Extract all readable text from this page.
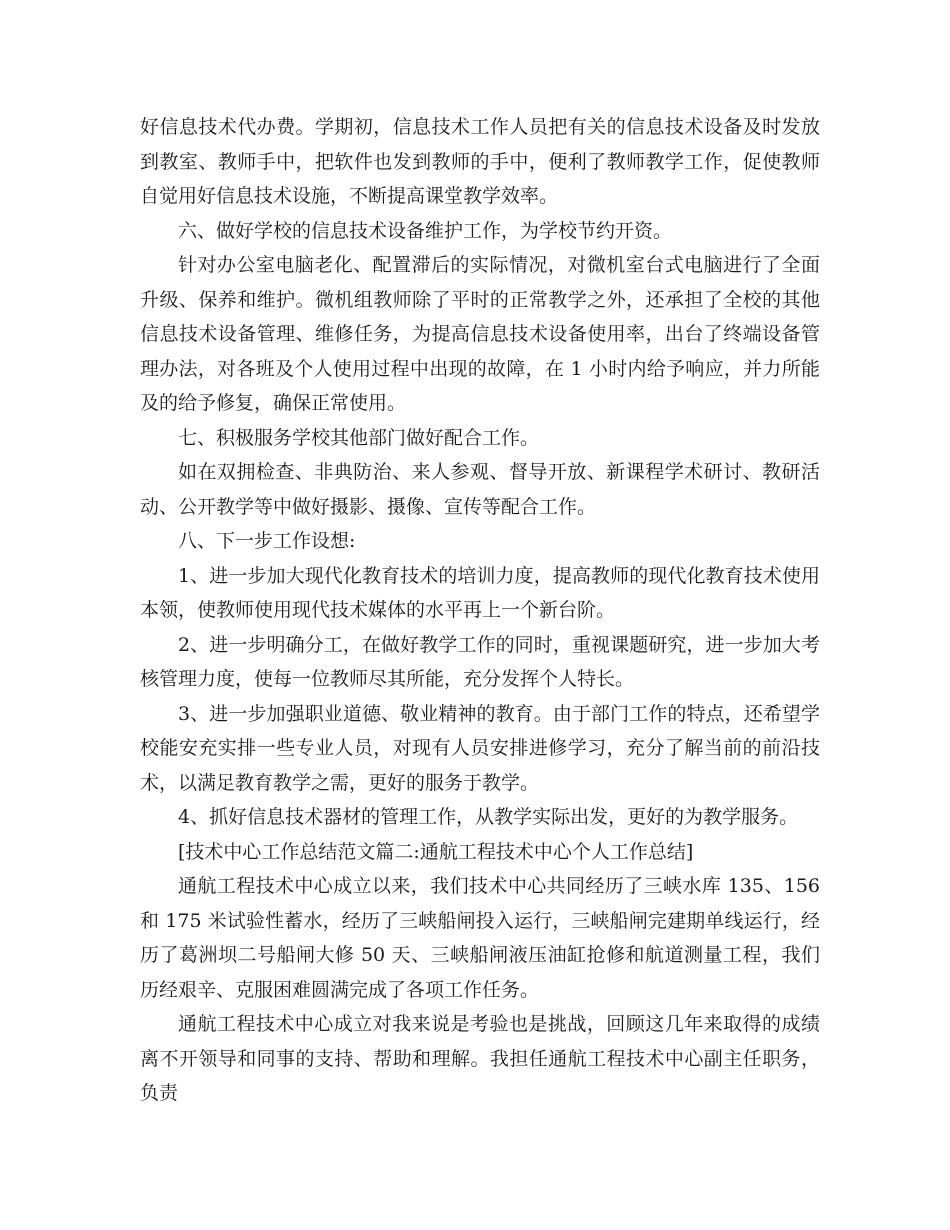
好信息技术代办费。学期初，信息技术工作人员把有关的信息技术设备及时发放到教室、教师手中，把软件也发到教师的手中，便利了教师教学工作，促使教师自觉用好信息技术设施，不断提高课堂教学效率。

六、做好学校的信息技术设备维护工作，为学校节约开资。

针对办公室电脑老化、配置滞后的实际情况，对微机室台式电脑进行了全面升级、保养和维护。微机组教师除了平时的正常教学之外，还承担了全校的其他信息技术设备管理、维修任务，为提高信息技术设备使用率，出台了终端设备管理办法，对各班及个人使用过程中出现的故障，在 1 小时内给予响应，并力所能及的给予修复，确保正常使用。

七、积极服务学校其他部门做好配合工作。

如在双拥检查、非典防治、来人参观、督导开放、新课程学术研讨、教研活动、公开教学等中做好摄影、摄像、宣传等配合工作。

八、下一步工作设想:

1、进一步加大现代化教育技术的培训力度，提高教师的现代化教育技术使用本领，使教师使用现代技术媒体的水平再上一个新台阶。

2、进一步明确分工，在做好教学工作的同时，重视课题研究，进一步加大考核管理力度，使每一位教师尽其所能，充分发挥个人特长。

3、进一步加强职业道德、敬业精神的教育。由于部门工作的特点，还希望学校能安充实排一些专业人员，对现有人员安排进修学习，充分了解当前的前沿技术，以满足教育教学之需，更好的服务于教学。

4、抓好信息技术器材的管理工作，从教学实际出发，更好的为教学服务。

[技术中心工作总结范文篇二:通航工程技术中心个人工作总结]

通航工程技术中心成立以来，我们技术中心共同经历了三峡水库 135、156 和 175 米试验性蓄水，经历了三峡船闸投入运行，三峡船闸完建期单线运行，经历了葛洲坝二号船闸大修 50 天、三峡船闸液压油缸抢修和航道测量工程，我们历经艰辛、克服困难圆满完成了各项工作任务。

通航工程技术中心成立对我来说是考验也是挑战，回顾这几年来取得的成绩离不开领导和同事的支持、帮助和理解。我担任通航工程技术中心副主任职务，负责
